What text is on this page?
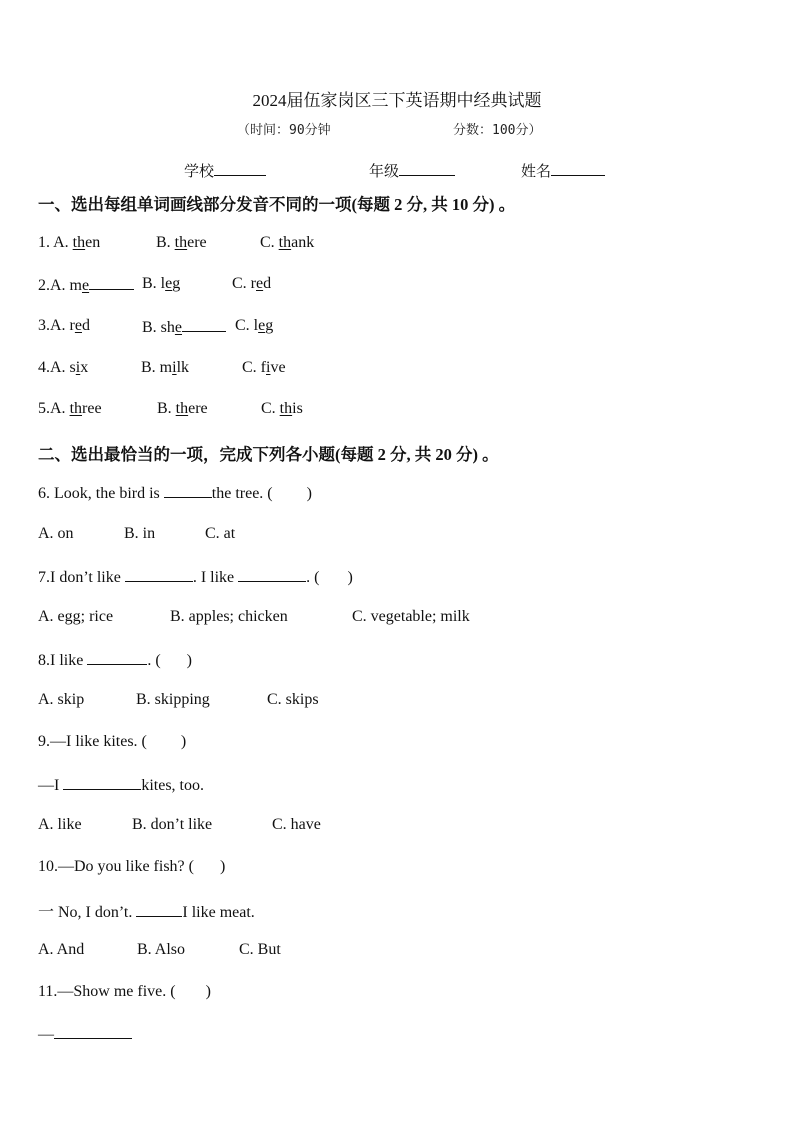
2024届伍家岗区三下英语期中经典试题
（时间：90分钟	分数：100分）
学校	年级	姓名
一、选出每组单词画线部分发音不同的一项(每题 2 分, 共 10 分) 。
1. A. then	B. there	C. thank
2.A. me	B. leg	C. red
3.A. red	B. she	C. leg
4.A. six	B. milk	C. five
5.A. three	B. there	C. this
二、选出最恰当的一项，完成下列各小题(每题 2 分, 共 20 分) 。
6. Look, the bird is	the tree. ( )
A. on	B. in	C. at
7.I don’t like	. I like	. ( )
A. egg; rice	B. apples; chicken	C. vegetable; milk
8.I like	. ( )
A. skip	B. skipping	C. skips
9.—I like kites. ( )
—I	kites, too.
A. like	B. don’t like	C. have
10.—Do you like fish? ( )
一 No, I don’t.	I like meat.
A. And	B. Also	C. But
11.—Show me five. ( )
—
